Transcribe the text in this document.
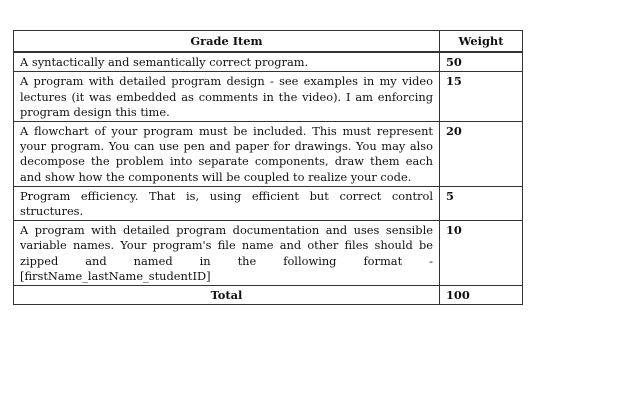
Grade Item	Weight
A syntactically and semantically correct program.	50
A program with detailed program design - see examples in my video lectures (it was embedded as comments in the video). I am enforcing program design this time.	15
A flowchart of your program must be included. This must represent your program. You can use pen and paper for drawings. You may also decompose the problem into separate components, draw them each and show how the components will be coupled to realize your code.	20
Program efficiency. That is, using efficient but correct control structures.	5
A program with detailed program documentation and uses sensible variable names. Your program's file name and other files should be zipped and named in the following format - [firstName_lastName_studentID]	10
Total	100
